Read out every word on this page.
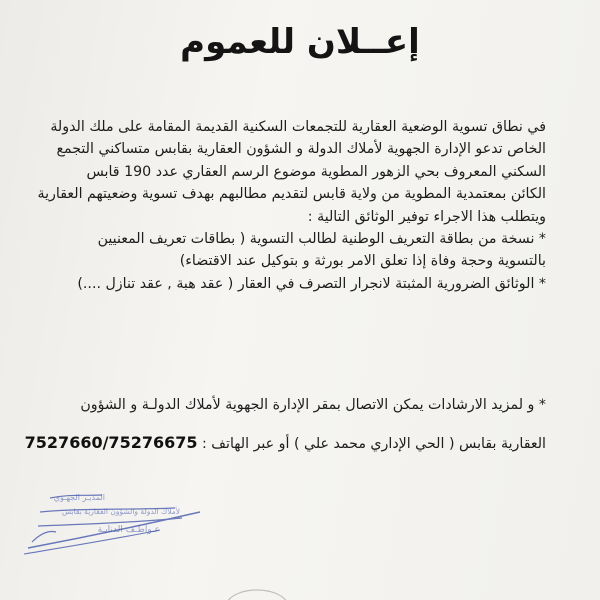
إعــلان للعموم
في نطاق تسوية الوضعية العقارية للتجمعات السكنية القديمة المقامة على ملك الدولة
الخاص تدعو الإدارة الجهوية لأملاك الدولة و الشؤون العقارية بقابس متساكني التجمع
السكني المعروف بحي الزهور المطوية موضوع الرسم العقاري عدد 190 قابس
الكائن بمعتمدية المطوية من ولاية قابس لتقديم مطالبهم بهدف تسوية وضعيتهم العقارية
ويتطلب هذا الاجراء توفير الوثائق التالية :
* نسخة من بطاقة التعريف الوطنية لطالب التسوية ( بطاقات تعريف المعنيين
بالتسوية وحجة وفاة إذا تعلق الامر بورثة و بتوكيل عند الاقتضاء)
* الوثائق الضرورية المثبتة لانجرار التصرف في العقار ( عقد هبة , عقد تنازل ....)
* و لمزيد الارشادات يمكن الاتصال بمقر الإدارة الجهوية لأملاك الدولـة و الشؤون
العقارية بقابس ( الحي الإداري محمد علي ) أو عبر الهاتف : 7527660/75276675
المديـر الجهـوي
لأملاك الدولة والشؤون العقارية بقابس
عـواطـف الدنايـة
